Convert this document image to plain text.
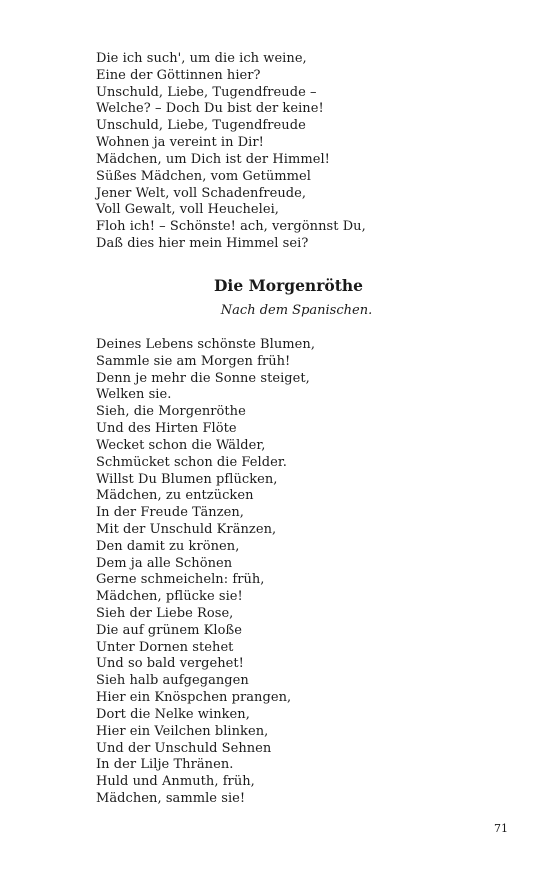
Die ich such', um die ich weine,
Eine der Göttinnen hier?
Unschuld, Liebe, Tugendfreude –
Welche? – Doch Du bist der keine!
Unschuld, Liebe, Tugendfreude
Wohnen ja vereint in Dir!
Mädchen, um Dich ist der Himmel!
Süßes Mädchen, vom Getümmel
Jener Welt, voll Schadenfreude,
Voll Gewalt, voll Heuchelei,
Floh ich! – Schönste! ach, vergönnst Du,
Daß dies hier mein Himmel sei?
Die Morgenröthe

Nach dem Spanischen.

Deines Lebens schönste Blumen,
Sammle sie am Morgen früh!
Denn je mehr die Sonne steiget,
Welken sie.
Sieh, die Morgenröthe
Und des Hirten Flöte
Wecket schon die Wälder,
Schmücket schon die Felder.
Willst Du Blumen pflücken,
Mädchen, zu entzücken
In der Freude Tänzen,
Mit der Unschuld Kränzen,
Den damit zu krönen,
Dem ja alle Schönen
Gerne schmeicheln: früh,
Mädchen, pflücke sie!
Sieh der Liebe Rose,
Die auf grünem Kloße
Unter Dornen stehet
Und so bald vergehet!
Sieh halb aufgegangen
Hier ein Knöspchen prangen,
Dort die Nelke winken,
Hier ein Veilchen blinken,
Und der Unschuld Sehnen
In der Lilje Thränen.
Huld und Anmuth, früh,
Mädchen, sammle sie!

71
